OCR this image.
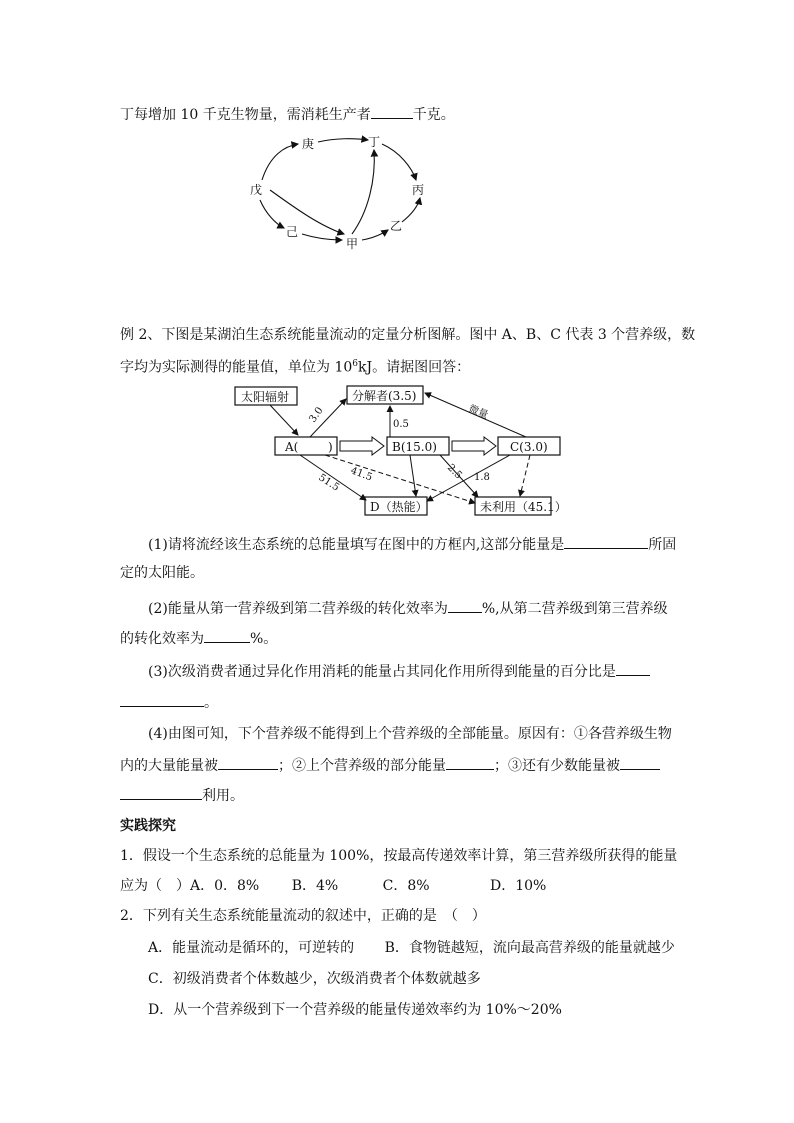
丁每增加 10 千克生物量，需消耗生产者	千克。
庚	丁
戊	丙
己
甲
乙
例 2、下图是某湖泊生态系统能量流动的定量分析图解。图中 A、B、C 代表 3 个营养级，数
字均为实际测得的能量值，单位为 $10^6kJ$。请据图回答：
太阳辐射	分解者(3.5)
A( )	B(15.0)	C(3.0)
D（热能）	未利用（45.1）
3.0	0.5
微量
51.5 41.5	2.5 1.8
(1)请将流经该生态系统的总能量填写在图中的方框内,这部分能量是	所固
定的太阳能。
(2)能量从第一营养级到第二营养级的转化效率为 %,从第二营养级到第三营养级
的转化效率为	%。
(3)次级消费者通过异化作用消耗的能量占其同化作用所得到能量的百分比是
。
(4)由图可知，下个营养级不能得到上个营养级的全部能量。原因有：①各营养级生物
内的大量能量被	；②上个营养级的部分能量	；③还有少数能量被
利用。
实践探究
1．假设一个生态系统的总能量为 100%，按最高传递效率计算，第三营养级所获得的能量
应为（　）A．0．8% B．4%	C．8%	D．10%
2．下列有关生态系统能量流动的叙述中，正确的是　（　）
A．能量流动是循环的，可逆转的 B．食物链越短，流向最高营养级的能量就越少
C．初级消费者个体数越少，次级消费者个体数就越多
D．从一个营养级到下一个营养级的能量传递效率约为 10%～20%
